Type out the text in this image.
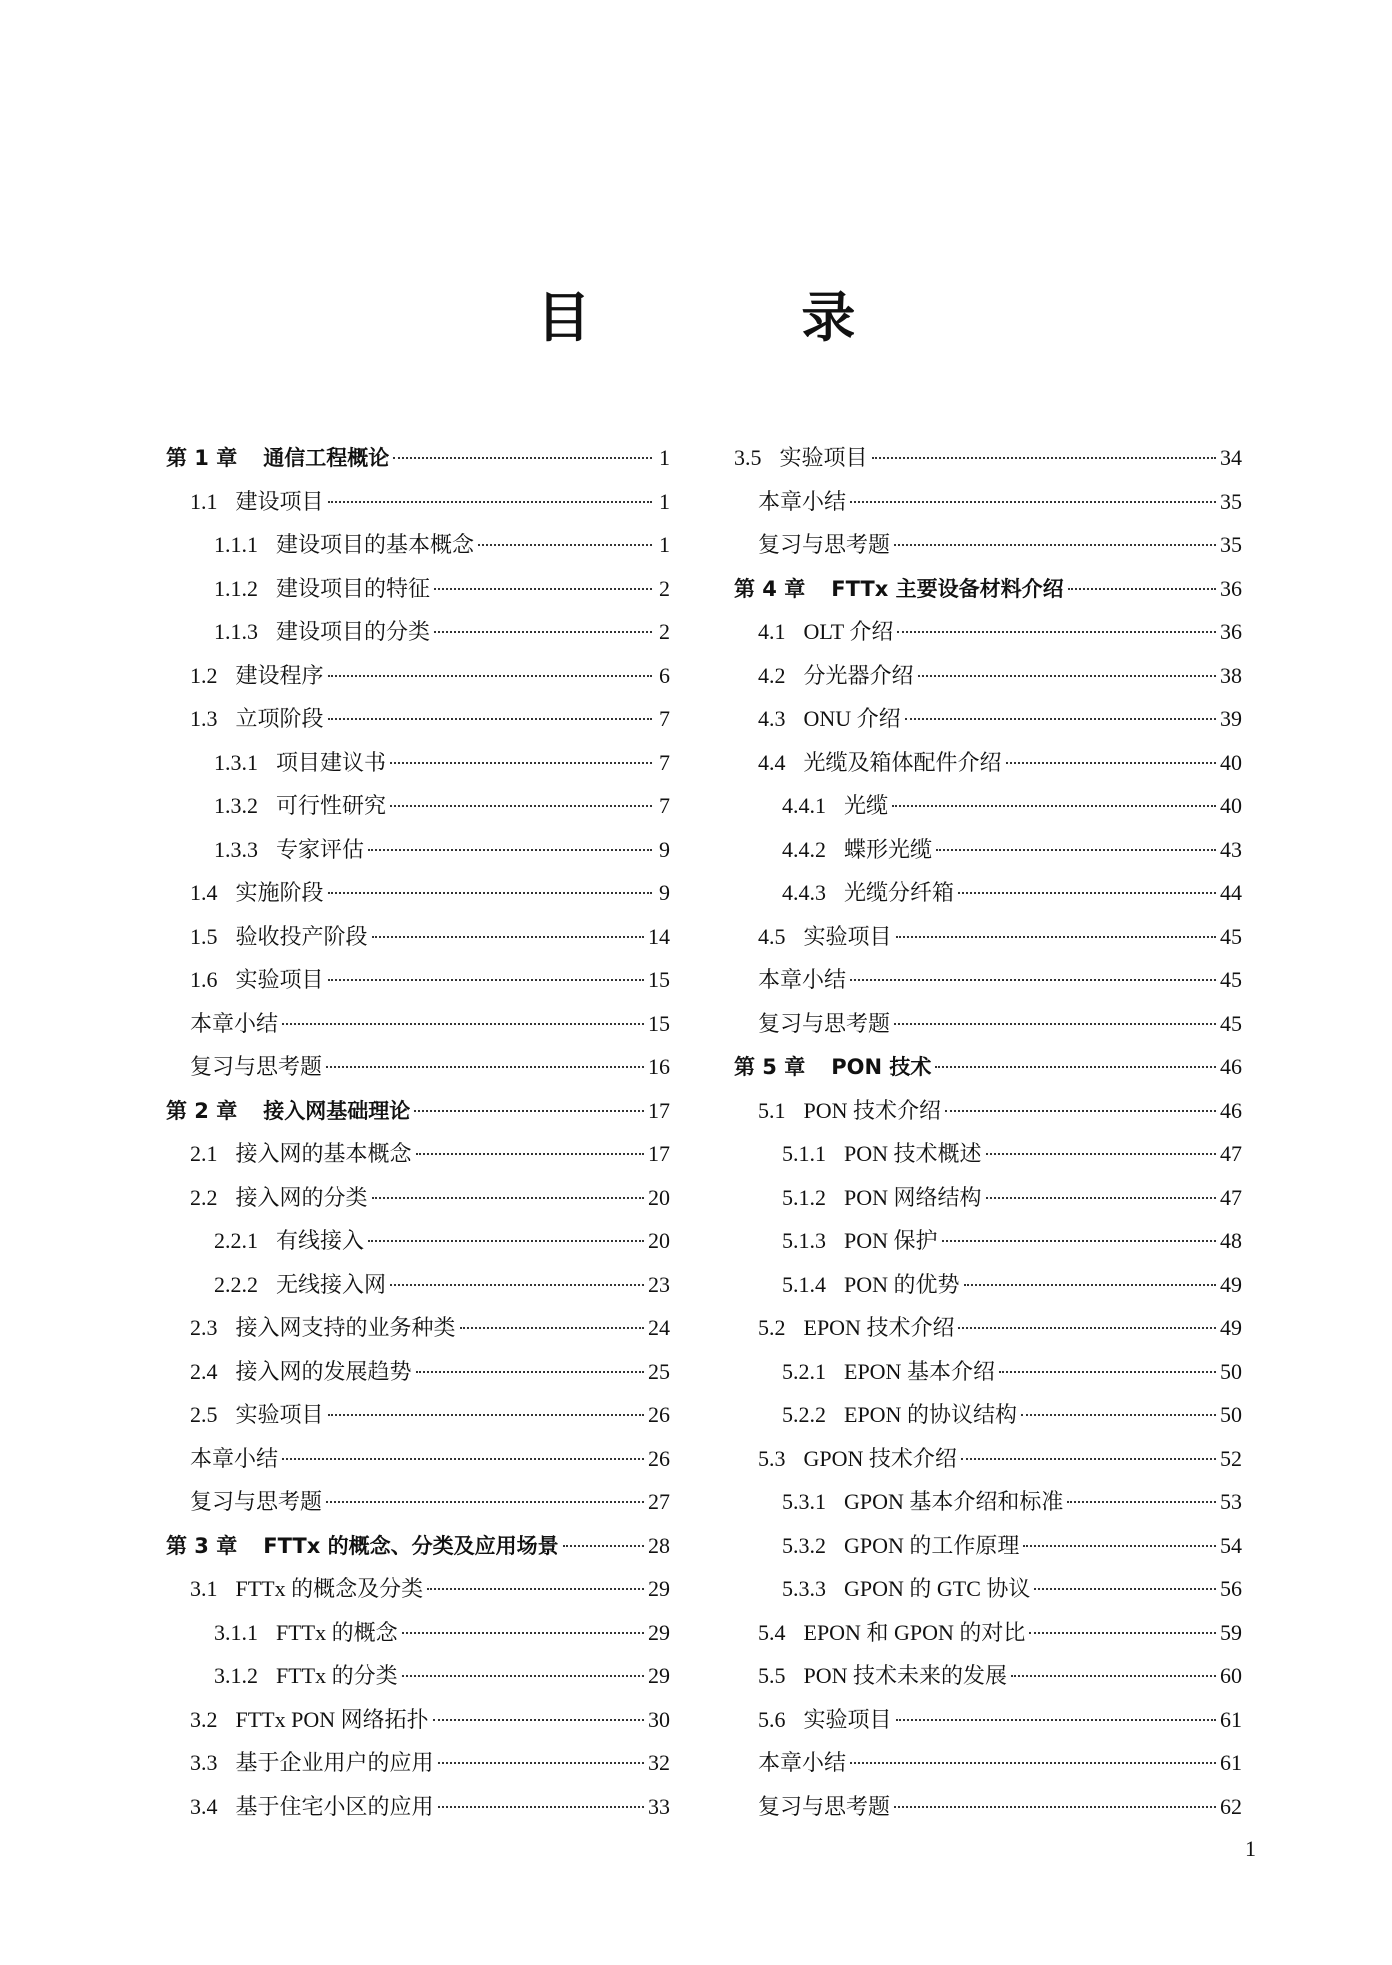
目 录
第 1 章 通信工程概论	1
1.1 建设项目	1
1.1.1 建设项目的基本概念	1
1.1.2 建设项目的特征	2
1.1.3 建设项目的分类	2
1.2 建设程序	6
1.3 立项阶段	7
1.3.1 项目建议书	7
1.3.2 可行性研究	7
1.3.3 专家评估	9
1.4 实施阶段	9
1.5 验收投产阶段	14
1.6 实验项目	15
本章小结	15
复习与思考题	16
第 2 章 接入网基础理论	17
2.1 接入网的基本概念	17
2.2 接入网的分类	20
2.2.1 有线接入	20
2.2.2 无线接入网	23
2.3 接入网支持的业务种类	24
2.4 接入网的发展趋势	25
2.5 实验项目	26
本章小结	26
复习与思考题	27
第 3 章 FTTx 的概念、分类及应用场景	28
3.1 FTTx 的概念及分类	29
3.1.1 FTTx 的概念	29
3.1.2 FTTx 的分类	29
3.2 FTTx PON 网络拓扑	30
3.3 基于企业用户的应用	32
3.4 基于住宅小区的应用	33
3.5 实验项目	34
本章小结	35
复习与思考题	35
第 4 章 FTTx 主要设备材料介绍	36
4.1 OLT 介绍	36
4.2 分光器介绍	38
4.3 ONU 介绍	39
4.4 光缆及箱体配件介绍	40
4.4.1 光缆	40
4.4.2 蝶形光缆	43
4.4.3 光缆分纤箱	44
4.5 实验项目	45
本章小结	45
复习与思考题	45
第 5 章 PON 技术	46
5.1 PON 技术介绍	46
5.1.1 PON 技术概述	47
5.1.2 PON 网络结构	47
5.1.3 PON 保护	48
5.1.4 PON 的优势	49
5.2 EPON 技术介绍	49
5.2.1 EPON 基本介绍	50
5.2.2 EPON 的协议结构	50
5.3 GPON 技术介绍	52
5.3.1 GPON 基本介绍和标准	53
5.3.2 GPON 的工作原理	54
5.3.3 GPON 的 GTC 协议	56
5.4 EPON 和 GPON 的对比	59
5.5 PON 技术未来的发展	60
5.6 实验项目	61
本章小结	61
复习与思考题	62
1
